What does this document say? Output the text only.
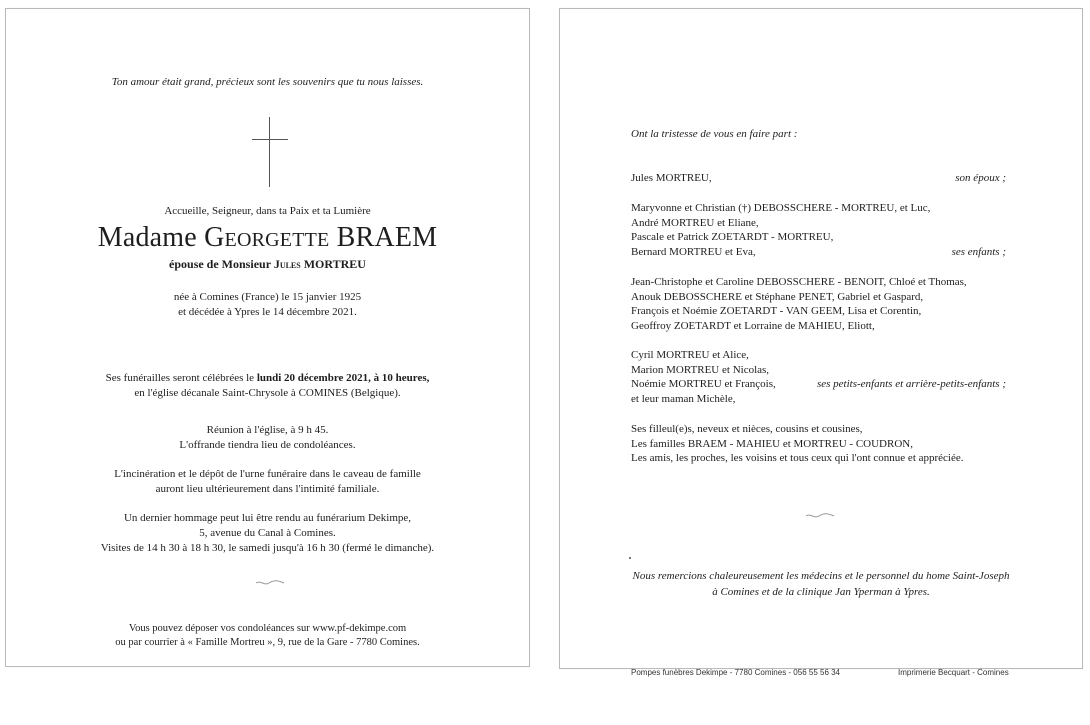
Ton amour était grand, précieux sont les souvenirs que tu nous laisses.
Accueille, Seigneur, dans ta Paix et ta Lumière
Madame Georgette BRAEM
épouse de Monsieur Jules MORTREU
née à Comines (France) le 15 janvier 1925
et décédée à Ypres le 14 décembre 2021.
Ses funérailles seront célébrées le lundi 20 décembre 2021, à 10 heures,
en l'église décanale Saint-Chrysole à COMINES (Belgique).
Réunion à l'église, à 9 h 45.
L'offrande tiendra lieu de condoléances.
L'incinération et le dépôt de l'urne funéraire dans le caveau de famille
auront lieu ultérieurement dans l'intimité familiale.
Un dernier hommage peut lui être rendu au funérarium Dekimpe,
5, avenue du Canal à Comines.
Visites de 14 h 30 à 18 h 30, le samedi jusqu'à 16 h 30 (fermé le dimanche).
Vous pouvez déposer vos condoléances sur www.pf-dekimpe.com
ou par courrier à « Famille Mortreu », 9, rue de la Gare - 7780 Comines.
Ont la tristesse de vous en faire part :
Jules MORTREU,	son époux ;
Maryvonne et Christian (†) DEBOSSCHERE - MORTREU, et Luc,
André MORTREU et Eliane,
Pascale et Patrick ZOETARDT - MORTREU,
Bernard MORTREU et Eva,	ses enfants ;
Jean-Christophe et Caroline DEBOSSCHERE - BENOIT, Chloé et Thomas,
Anouk DEBOSSCHERE et Stéphane PENET, Gabriel et Gaspard,
François et Noémie ZOETARDT - VAN GEEM, Lisa et Corentin,
Geoffroy ZOETARDT et Lorraine de MAHIEU, Eliott,
Cyril MORTREU et Alice,
Marion MORTREU et Nicolas,
Noémie MORTREU et François,
et leur maman Michèle,
ses petits-enfants et arrière-petits-enfants ;
Ses filleul(e)s, neveux et nièces, cousins et cousines,
Les familles BRAEM - MAHIEU et MORTREU - COUDRON,
Les amis, les proches, les voisins et tous ceux qui l'ont connue et appréciée.
Nous remercions chaleureusement les médecins et le personnel du home Saint-Joseph
à Comines et de la clinique Jan Yperman à Ypres.
Pompes funèbres Dekimpe - 7780 Comines - 056 55 56 34	Imprimerie Becquart - Comines
